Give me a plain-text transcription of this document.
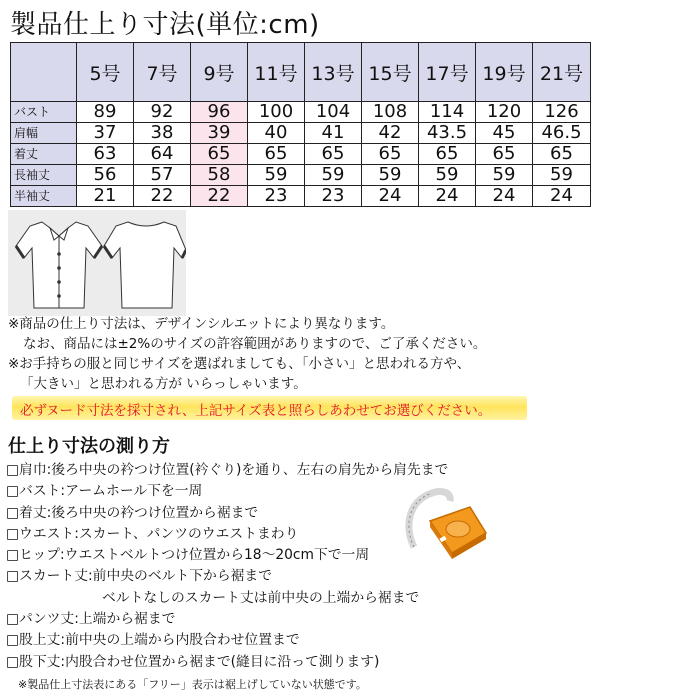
製品仕上り寸法(単位:cm)
	5号	7号	9号	11号	13号	15号	17号	19号	21号
バスト	89	92	96	100	104	108	114	120	126
肩幅	37	38	39	40	41	42	43.5	45	46.5
着丈	63	64	65	65	65	65	65	65	65
長袖丈	56	57	58	59	59	59	59	59	59
半袖丈	21	22	22	23	23	24	24	24	24
※商品の仕上り寸法は、デザインシルエットにより異なります。
なお、商品には±2%のサイズの許容範囲がありますので、ご了承ください。
※お手持ちの服と同じサイズを選ばれましても、「小さい」と思われる方や、
「大きい」と思われる方が いらっしゃいます。
必ずヌード寸法を採寸され、上記サイズ表と照らしあわせてお選びください。
仕上り寸法の測り方
□肩巾:後ろ中央の衿つけ位置(衿ぐり)を通り、左右の肩先から肩先まで
□バスト:アームホール下を一周
□着丈:後ろ中央の衿つけ位置から裾まで
□ウエスト:スカート、パンツのウエストまわり
□ヒップ:ウエストベルトつけ位置から18～20cm下で一周
□スカート丈:前中央のベルト下から裾まで
ベルトなしのスカート丈は前中央の上端から裾まで
□パンツ丈:上端から裾まで
□股上丈:前中央の上端から内股合わせ位置まで
□股下丈:内股合わせ位置から裾まで(縫目に沿って測ります)
※製品仕上寸法表にある「フリー」表示は裾上げしていない状態です。
